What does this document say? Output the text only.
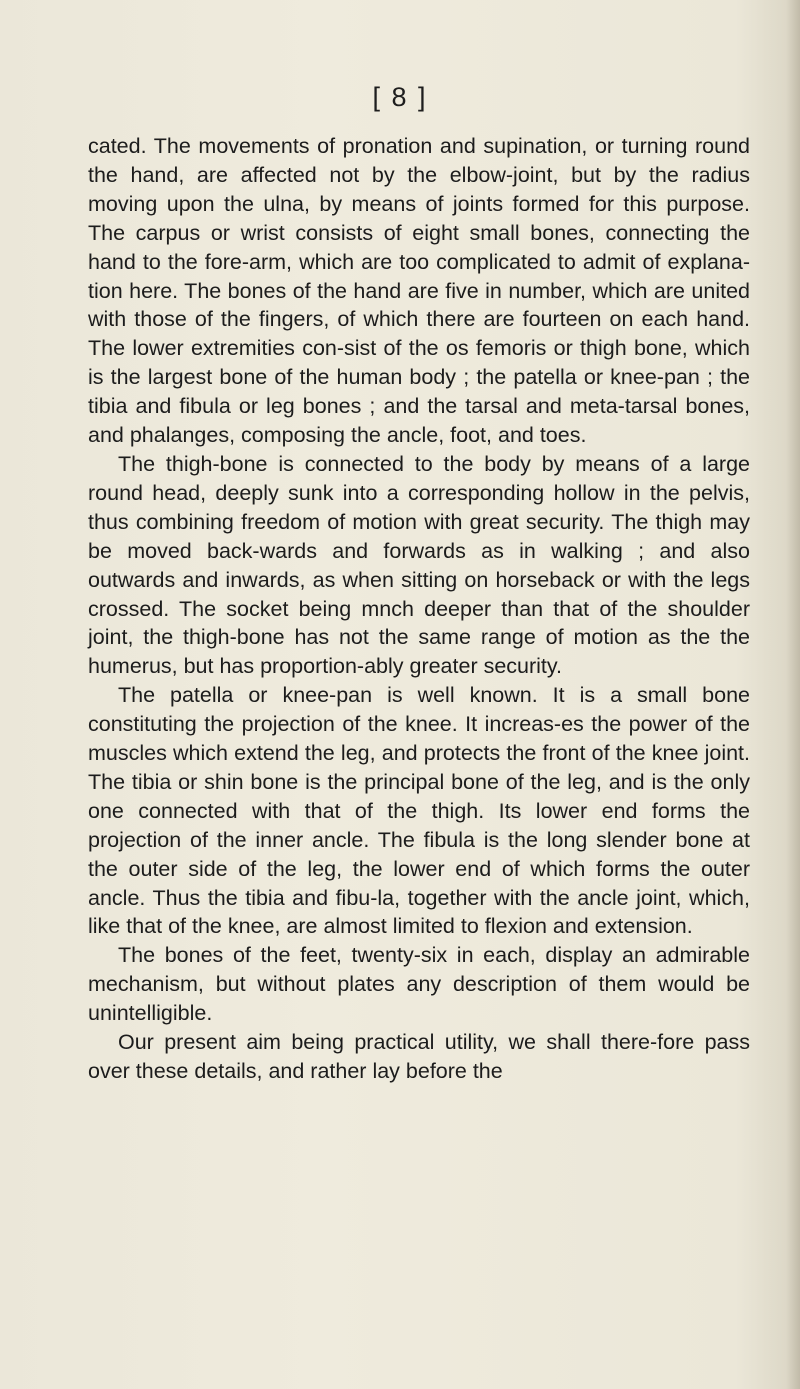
[ 8 ]

cated. The movements of pronation and supination, or turning round the hand, are affected not by the elbow-joint, but by the radius moving upon the ulna, by means of joints formed for this purpose. The carpus or wrist consists of eight small bones, connecting the hand to the fore-arm, which are too complicated to admit of explana-tion here. The bones of the hand are five in number, which are united with those of the fingers, of which there are fourteen on each hand. The lower extremities con-sist of the os femoris or thigh bone, which is the largest bone of the human body ; the patella or knee-pan ; the tibia and fibula or leg bones ; and the tarsal and meta-tarsal bones, and phalanges, composing the ancle, foot, and toes.

The thigh-bone is connected to the body by means of a large round head, deeply sunk into a corresponding hollow in the pelvis, thus combining freedom of motion with great security. The thigh may be moved back-wards and forwards as in walking ; and also outwards and inwards, as when sitting on horseback or with the legs crossed. The socket being mnch deeper than that of the shoulder joint, the thigh-bone has not the same range of motion as the the humerus, but has proportion-ably greater security.

The patella or knee-pan is well known. It is a small bone constituting the projection of the knee. It increas-es the power of the muscles which extend the leg, and protects the front of the knee joint. The tibia or shin bone is the principal bone of the leg, and is the only one connected with that of the thigh. Its lower end forms the projection of the inner ancle. The fibula is the long slender bone at the outer side of the leg, the lower end of which forms the outer ancle. Thus the tibia and fibu-la, together with the ancle joint, which, like that of the knee, are almost limited to flexion and extension.

The bones of the feet, twenty-six in each, display an admirable mechanism, but without plates any description of them would be unintelligible.

Our present aim being practical utility, we shall there-fore pass over these details, and rather lay before the
